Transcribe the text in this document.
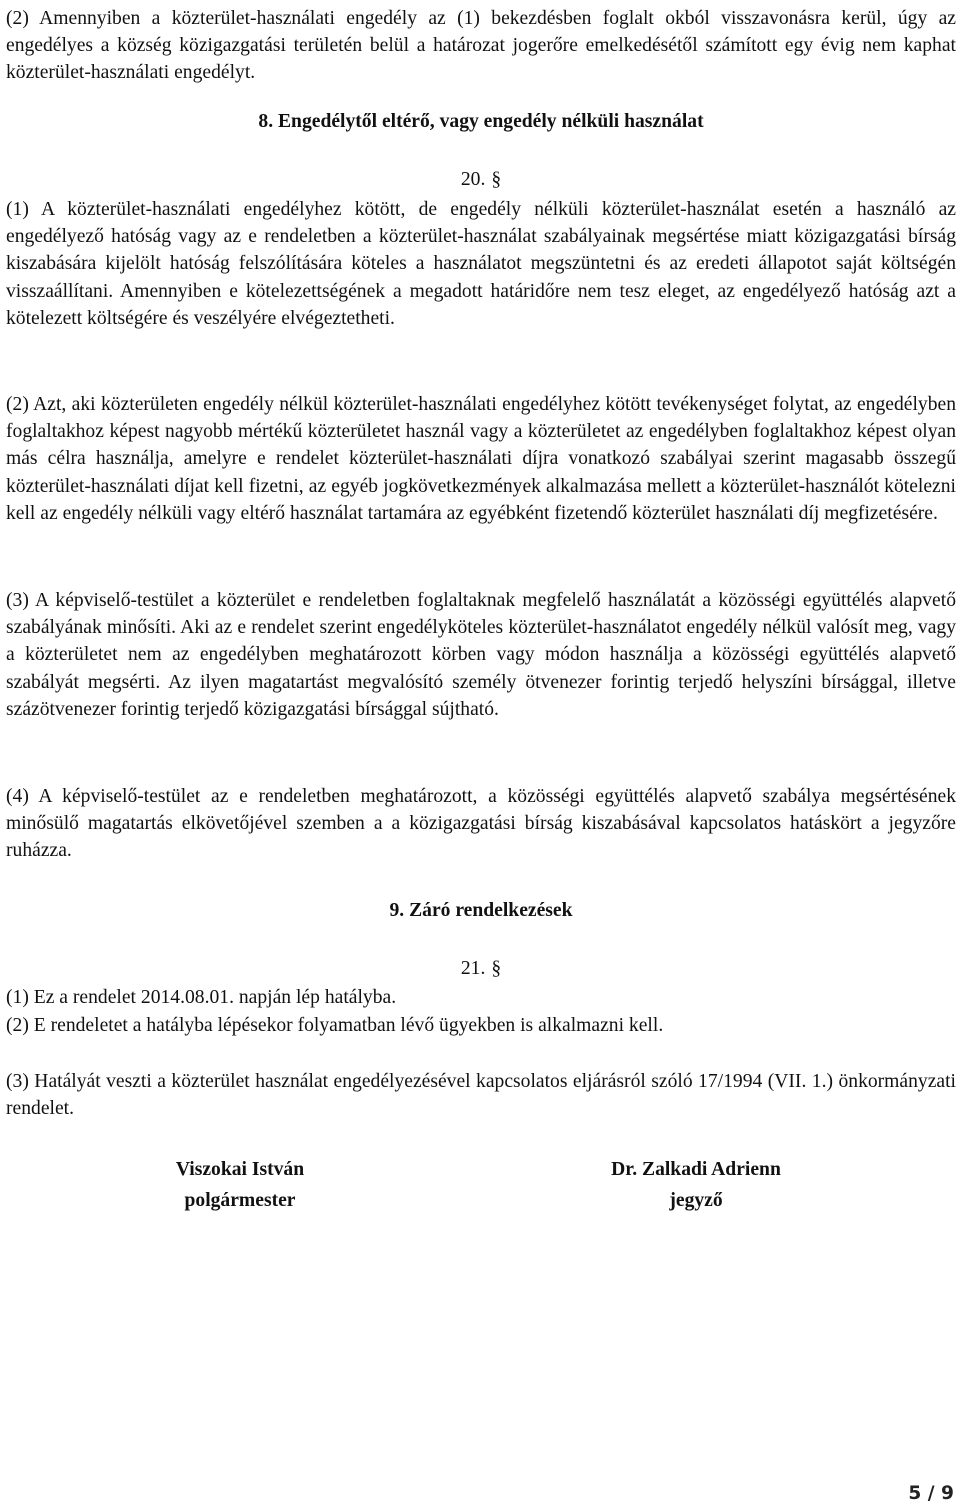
(2) Amennyiben a közterület-használati engedély az (1) bekezdésben foglalt okból visszavonásra kerül, úgy az engedélyes a község közigazgatási területén belül a határozat jogerőre emelkedésétől számított egy évig nem kaphat közterület-használati engedélyt.

8. Engedélytől eltérő, vagy engedély nélküli használat

20. §

(1) A közterület-használati engedélyhez kötött, de engedély nélküli közterület-használat esetén a használó az engedélyező hatóság vagy az e rendeletben a közterület-használat szabályainak megsértése miatt közigazgatási bírság kiszabására kijelölt hatóság felszólítására köteles a használatot megszüntetni és az eredeti állapotot saját költségén visszaállítani. Amennyiben e kötelezettségének a megadott határidőre nem tesz eleget, az engedélyező hatóság azt a kötelezett költségére és veszélyére elvégeztetheti.

(2) Azt, aki közterületen engedély nélkül közterület-használati engedélyhez kötött tevékenységet folytat, az engedélyben foglaltakhoz képest nagyobb mértékű közterületet használ vagy a közterületet az engedélyben foglaltakhoz képest olyan más célra használja, amelyre e rendelet közterület-használati díjra vonatkozó szabályai szerint magasabb összegű közterület-használati díjat kell fizetni, az egyéb jogkövetkezmények alkalmazása mellett a közterület-használót kötelezni kell az engedély nélküli vagy eltérő használat tartamára az egyébként fizetendő közterület használati díj megfizetésére.

(3) A képviselő-testület a közterület e rendeletben foglaltaknak megfelelő használatát a közösségi együttélés alapvető szabályának minősíti. Aki az e rendelet szerint engedélyköteles közterület-használatot engedély nélkül valósít meg, vagy a közterületet nem az engedélyben meghatározott körben vagy módon használja a közösségi együttélés alapvető szabályát megsérti. Az ilyen magatartást megvalósító személy ötvenezer forintig terjedő helyszíni bírsággal, illetve százötvenezer forintig terjedő közigazgatási bírsággal sújtható.

(4) A képviselő-testület az e rendeletben meghatározott, a közösségi együttélés alapvető szabálya megsértésének minősülő magatartás elkövetőjével szemben a a közigazgatási bírság kiszabásával kapcsolatos hatáskört a jegyzőre ruházza.

9. Záró rendelkezések

21. §

(1) Ez a rendelet 2014.08.01. napján lép hatályba.

(2) E rendeletet a hatályba lépésekor folyamatban lévő ügyekben is alkalmazni kell.

(3) Hatályát veszti a közterület használat engedélyezésével kapcsolatos eljárásról szóló 17/1994 (VII. 1.) önkormányzati rendelet.

Viszokai István
polgármester
Dr. Zalkadi Adrienn
jegyző
5 / 9
